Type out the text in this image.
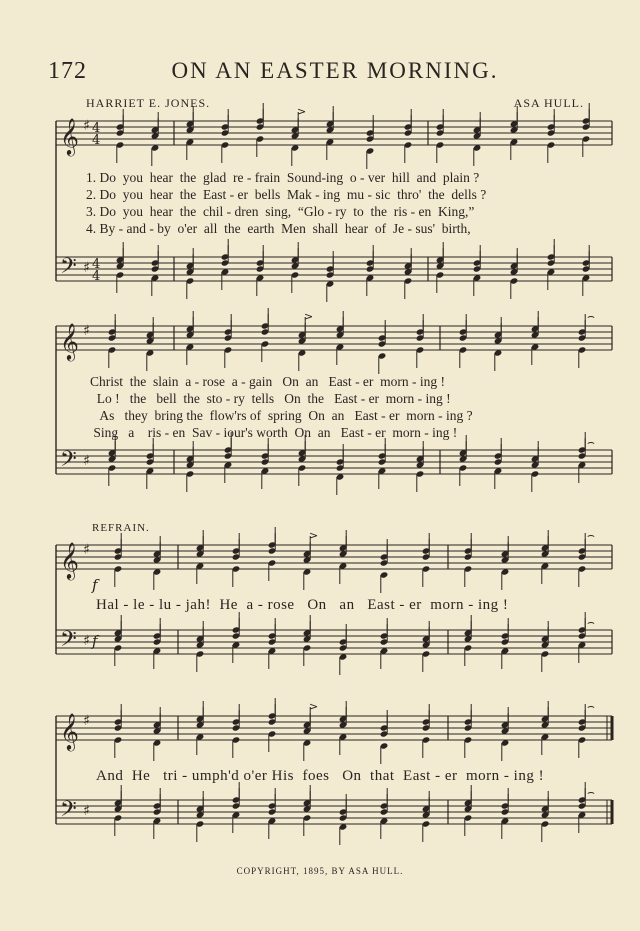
172	ON AN EASTER MORNING.
HARRIET E. JONES.	ASA HULL.
𝄞
𝄢
♯
♯
4
4
4
4
>
𝄞
𝄢
♯
♯
>	⌢
⌢
𝄞
𝄢
♯
♯
>	⌢
⌢
𝄞
𝄢
♯
♯
>	⌢
⌢
f
f
1. Do  you  hear  the  glad  re - frain  Sound-ing  o - ver  hill  and  plain ?
2. Do  you  hear  the  East - er  bells  Mak - ing  mu - sic  thro'  the  dells ?
3. Do  you  hear  the  chil - dren  sing,  “Glo - ry  to  the  ris - en  King,”
4. By - and - by  o'er  all  the  earth  Men  shall  hear  of  Je - sus'  birth,
Christ  the  slain  a - rose  a - gain   On  an   East - er  morn - ing !
Lo !   the   bell  the  sto - ry  tells   On  the   East - er  morn - ing !
As   they  bring the  flow'rs of  spring  On  an   East - er  morn - ing ?
Sing   a    ris - en  Sav - iour's worth  On  an   East - er  morn - ing !
REFRAIN.
Hal - le - lu - jah!  He  a - rose   On   an   East - er  morn - ing !
And  He   tri - umph'd o'er His  foes   On  that  East - er  morn - ing !
COPYRIGHT, 1895, BY ASA HULL.
